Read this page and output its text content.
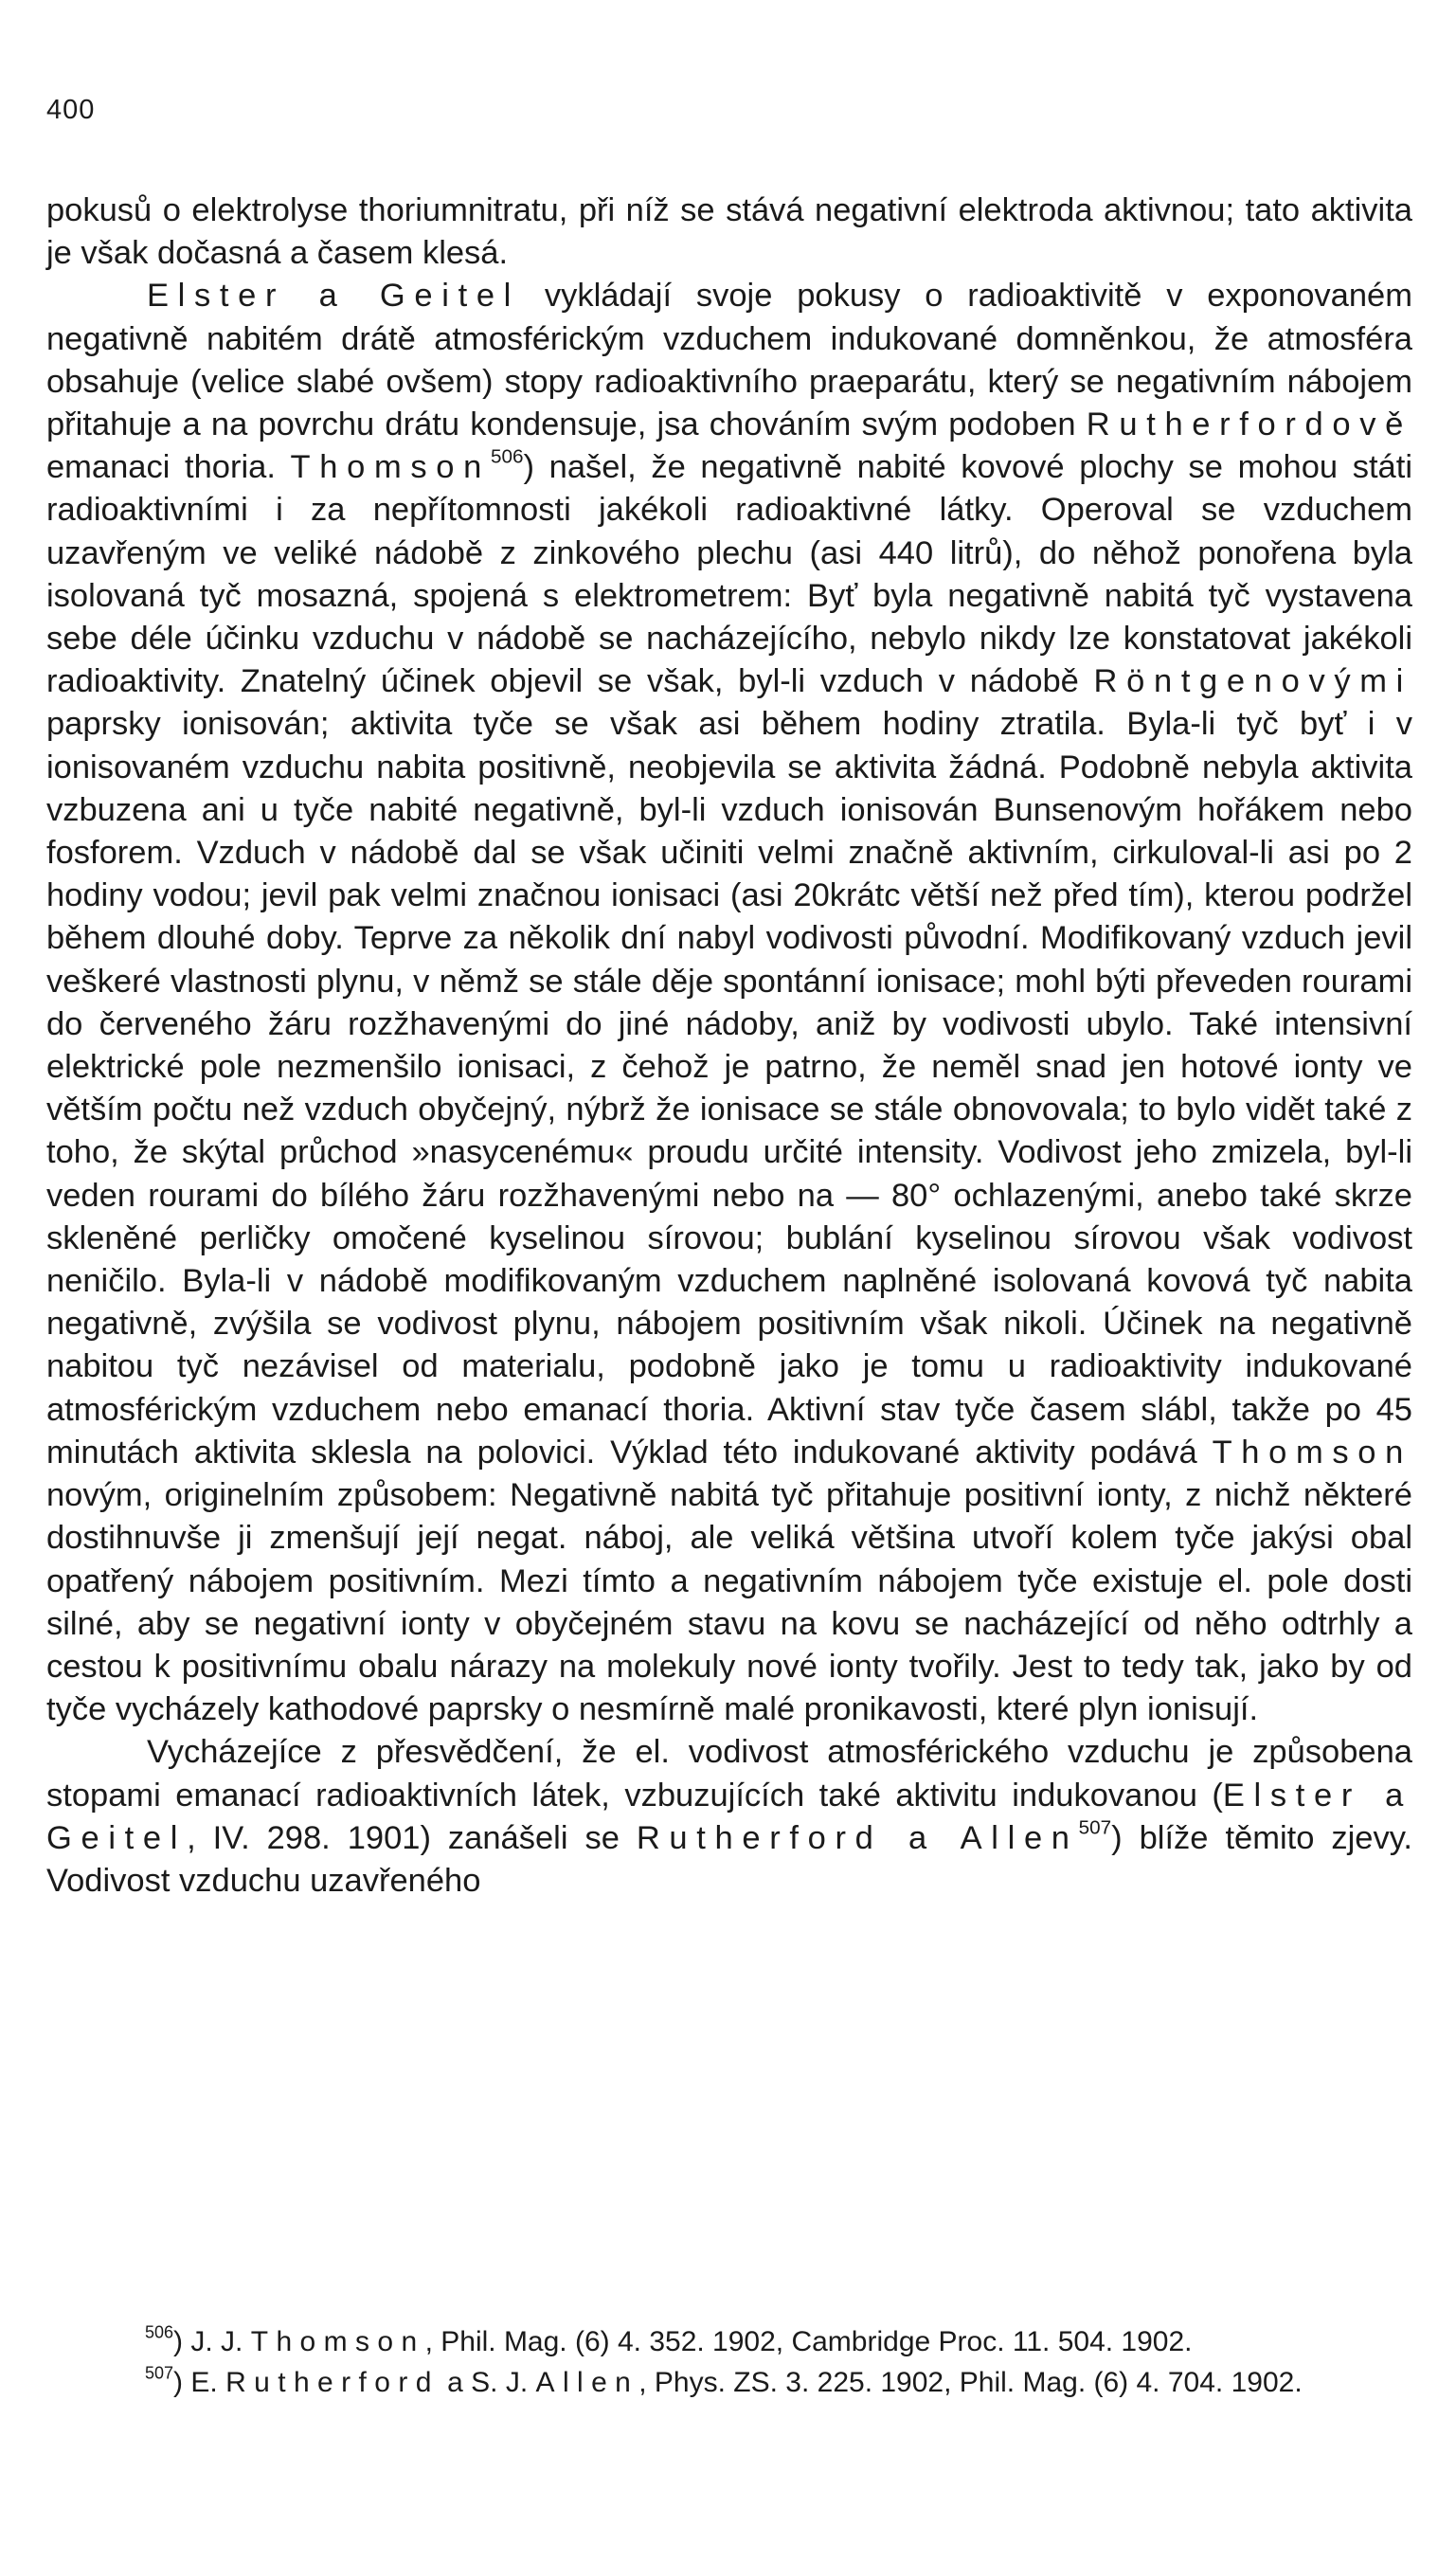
400

pokusů o elektrolyse thoriumnitratu, při níž se stává negativní elektroda aktivnou; tato aktivita je však dočasná a časem klesá.

Elster a Geitel vykládají svoje pokusy o radioaktivitě v exponovaném negativně nabitém drátě atmosférickým vzduchem indukované domněnkou, že atmosféra obsahuje (velice slabé ovšem) stopy radioaktivního praeparátu, který se negativním nábojem přitahuje a na povrchu drátu kondensuje, jsa chováním svým podoben Rutherfordově emanaci thoria. Thomson$^{506}$) našel, že negativně nabité kovové plochy se mohou státi radioaktivními i za nepřítomnosti jakékoli radioaktivné látky. Operoval se vzduchem uzavřeným ve veliké nádobě z zinkového plechu (asi 440 litrů), do něhož ponořena byla isolovaná tyč mosazná, spojená s elektrometrem: Byť byla negativně nabitá tyč vystavena sebe déle účinku vzduchu v nádobě se nacházejícího, nebylo nikdy lze konstatovat jakékoli radioaktivity. Znatelný účinek objevil se však, byl-li vzduch v nádobě Röntgenovými paprsky ionisován; aktivita tyče se však asi během hodiny ztratila. Byla-li tyč byť i v ionisovaném vzduchu nabita positivně, neobjevila se aktivita žádná. Podobně nebyla aktivita vzbuzena ani u tyče nabité negativně, byl-li vzduch ionisován Bunsenovým hořákem nebo fosforem. Vzduch v nádobě dal se však učiniti velmi značně aktivním, cirkuloval-li asi po 2 hodiny vodou; jevil pak velmi značnou ionisaci (asi 20krátc větší než před tím), kterou podržel během dlouhé doby. Teprve za několik dní nabyl vodivosti původní. Modifikovaný vzduch jevil veškeré vlastnosti plynu, v němž se stále děje spontánní ionisace; mohl býti převeden rourami do červeného žáru rozžhavenými do jiné nádoby, aniž by vodivosti ubylo. Také intensivní elektrické pole nezmenšilo ionisaci, z čehož je patrno, že neměl snad jen hotové ionty ve větším počtu než vzduch obyčejný, nýbrž že ionisace se stále obnovovala; to bylo vidět také z toho, že skýtal průchod »nasycenému« proudu určité intensity. Vodivost jeho zmizela, byl-li veden rourami do bílého žáru rozžhavenými nebo na — 80° ochlazenými, anebo také skrze skleněné perličky omočené kyselinou sírovou; bublání kyselinou sírovou však vodivost neničilo. Byla-li v nádobě modifikovaným vzduchem naplněné isolovaná kovová tyč nabita negativně, zvýšila se vodivost plynu, nábojem positivním však nikoli. Účinek na negativně nabitou tyč nezávisel od materialu, podobně jako je tomu u radioaktivity indukované atmosférickým vzduchem nebo emanací thoria. Aktivní stav tyče časem slábl, takže po 45 minutách aktivita sklesla na polovici. Výklad této indukované aktivity podává Thomson novým, originelním způsobem: Negativně nabitá tyč přitahuje positivní ionty, z nichž některé dostihnuvše ji zmenšují její negat. náboj, ale veliká většina utvoří kolem tyče jakýsi obal opatřený nábojem positivním. Mezi tímto a negativním nábojem tyče existuje el. pole dosti silné, aby se negativní ionty v obyčejném stavu na kovu se nacházející od něho odtrhly a cestou k positivnímu obalu nárazy na molekuly nové ionty tvořily. Jest to tedy tak, jako by od tyče vycházely kathodové paprsky o nesmírně malé pronikavosti, které plyn ionisují.

Vycházejíce z přesvědčení, že el. vodivost atmosférického vzduchu je způsobena stopami emanací radioaktivních látek, vzbuzujících také aktivitu indukovanou (Elster a Geitel, IV. 298. 1901) zanášeli se Rutherford a Allen$^{507}$) blíže těmito zjevy. Vodivost vzduchu uzavřeného

$^{506}$) J. J. Thomson, Phil. Mag. (6) 4. 352. 1902, Cambridge Proc. 11. 504. 1902.

$^{507}$) E. Rutherford a S. J. Allen, Phys. ZS. 3. 225. 1902, Phil. Mag. (6) 4. 704. 1902.
